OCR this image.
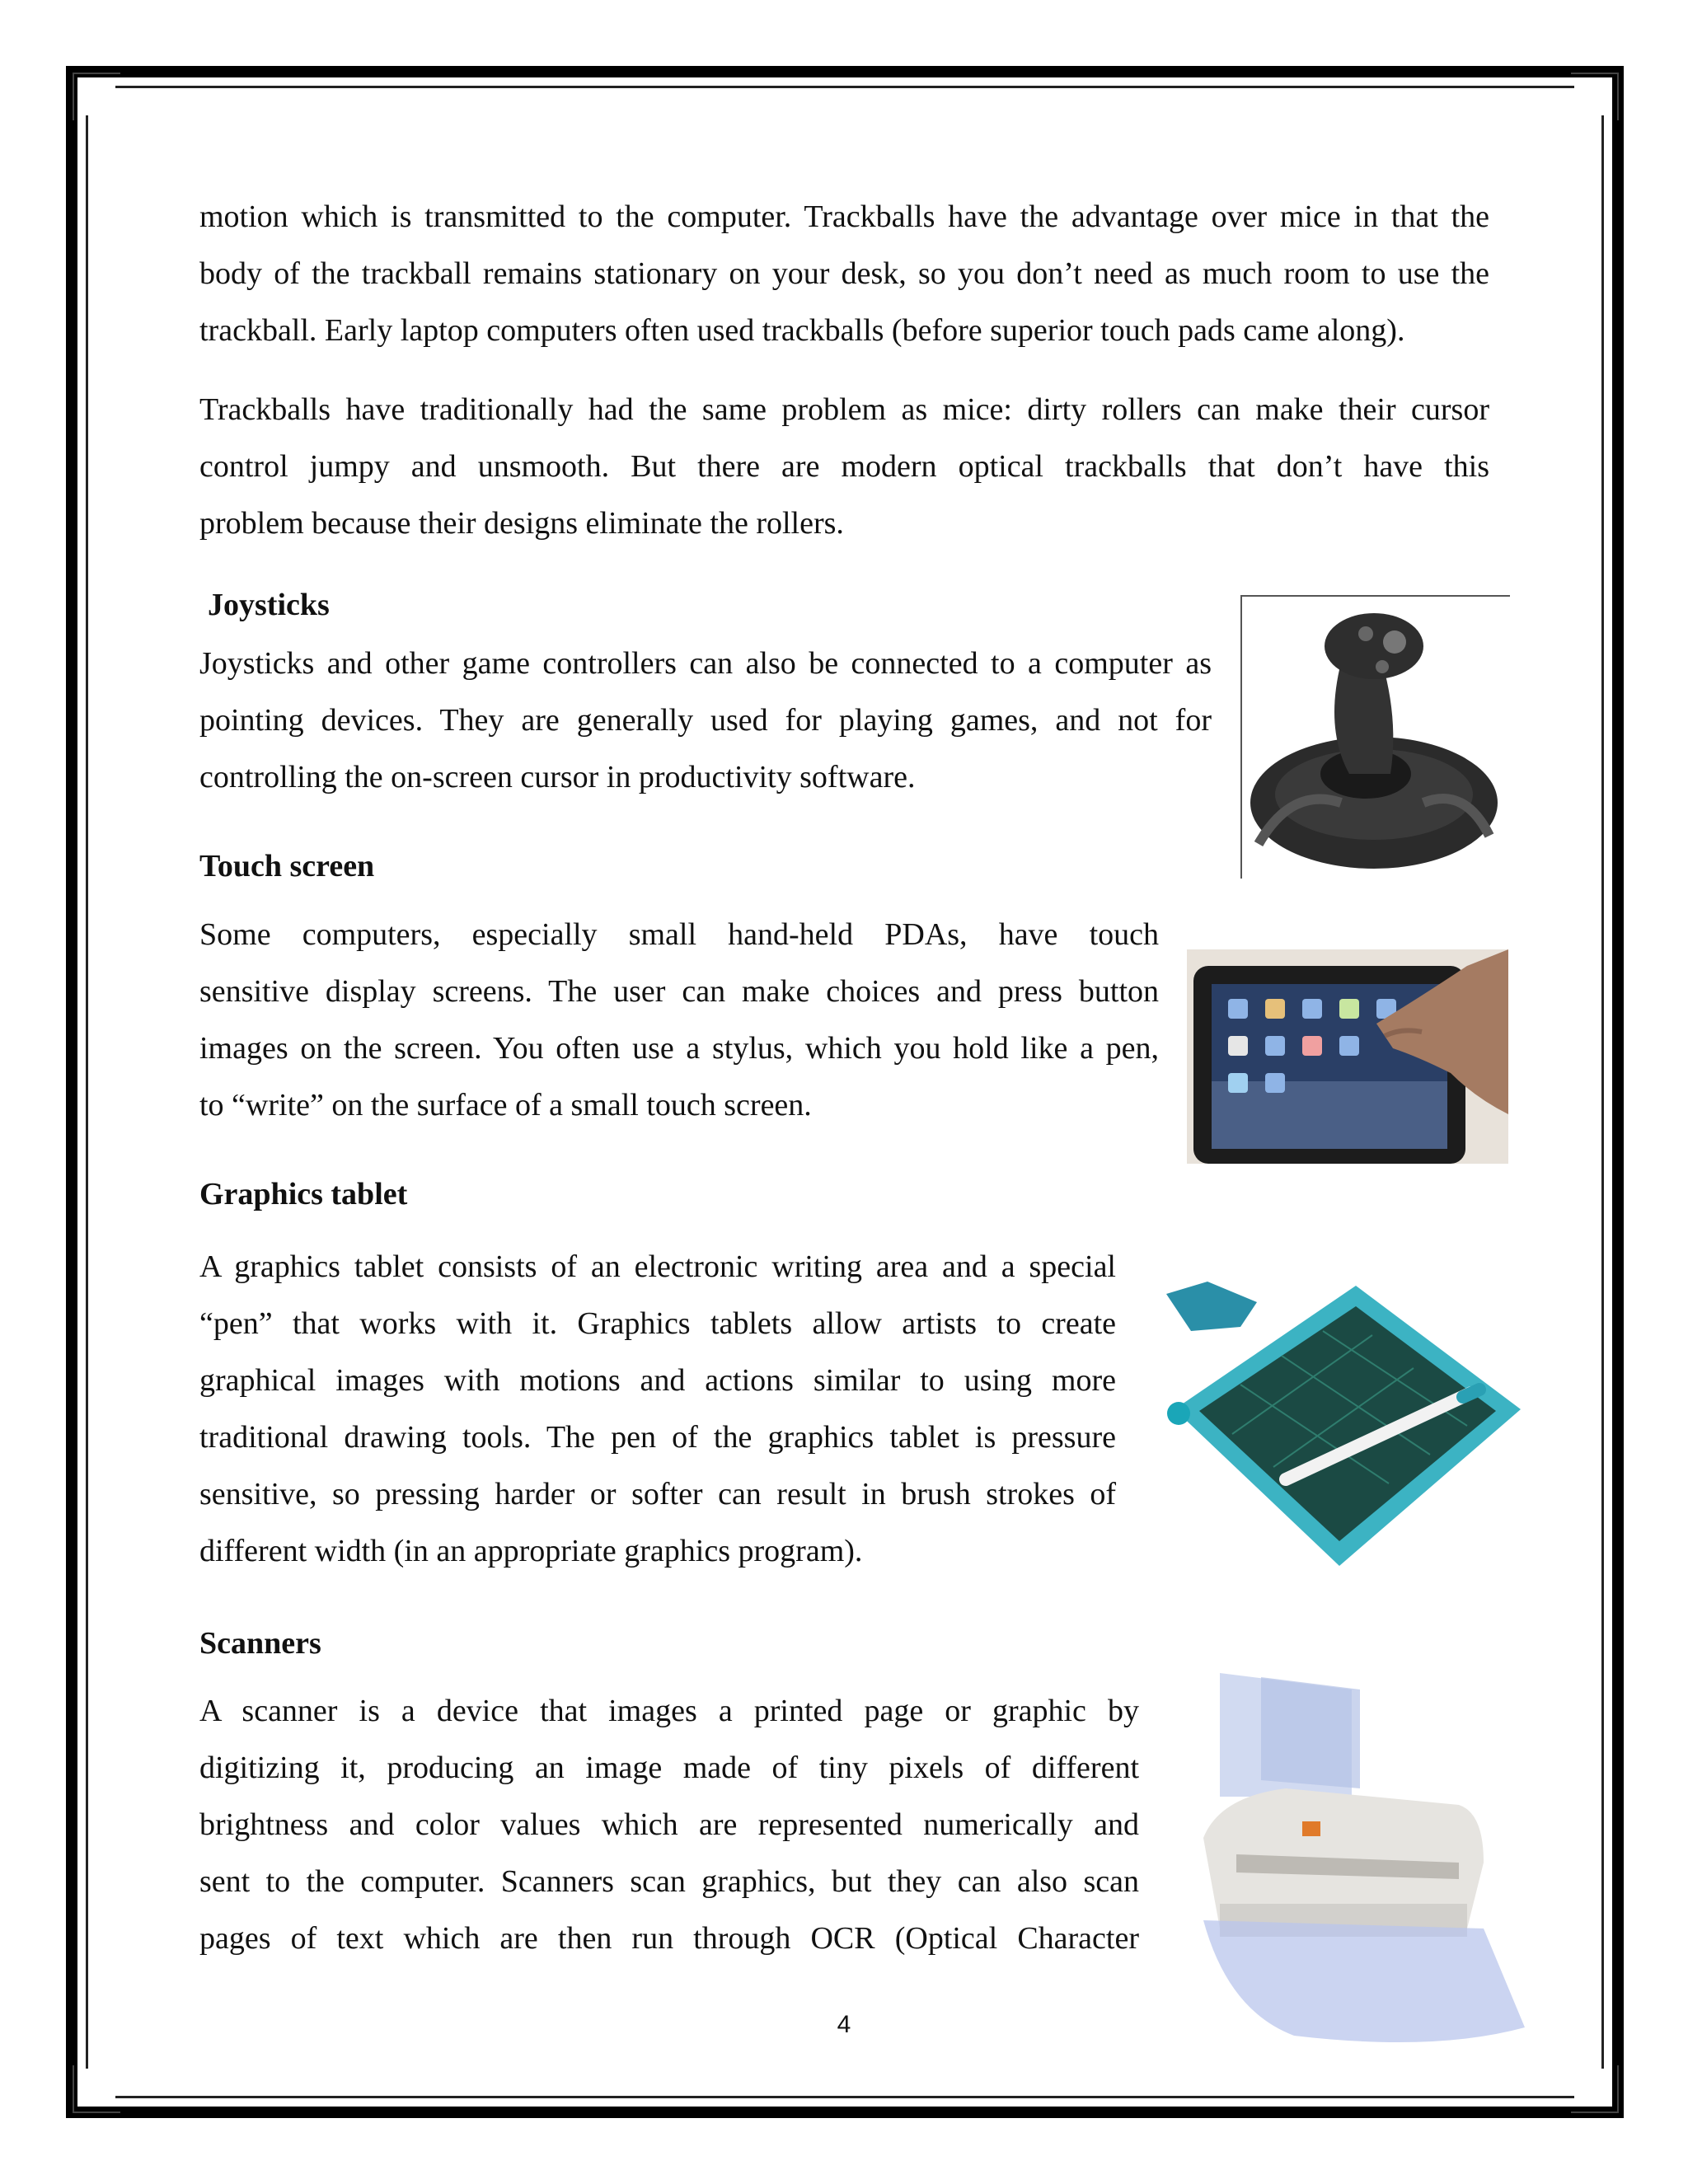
motion which is transmitted to the computer. Trackballs have the advantage over mice in that the
body of the trackball remains stationary on your desk, so you don’t need as much room to use the
trackball. Early laptop computers often used trackballs (before superior touch pads came along).
Trackballs have traditionally had the same problem as mice: dirty rollers can make their cursor
control jumpy and unsmooth. But there are modern optical trackballs that don’t have this
problem because their designs eliminate the rollers.
Joysticks
Joysticks and other game controllers can also be connected to a computer as
pointing devices. They are generally used for playing games, and not for
controlling the on-screen cursor in productivity software.
Touch screen
Some computers, especially small hand-held PDAs, have touch
sensitive display screens. The user can make choices and press button
images on the screen. You often use a stylus, which you hold like a pen,
to “write” on the surface of a small touch screen.
Graphics tablet
A graphics tablet consists of an electronic writing area and a special
“pen” that works with it. Graphics tablets allow artists to create
graphical images with motions and actions similar to using more
traditional drawing tools. The pen of the graphics tablet is pressure
sensitive, so pressing harder or softer can result in brush strokes of
different width (in an appropriate graphics program).
Scanners
A scanner is a device that images a printed page or graphic by
digitizing it, producing an image made of tiny pixels of different
brightness and color values which are represented numerically and
sent to the computer. Scanners scan graphics, but they can also scan
pages of text which are then run through OCR (Optical Character
4
